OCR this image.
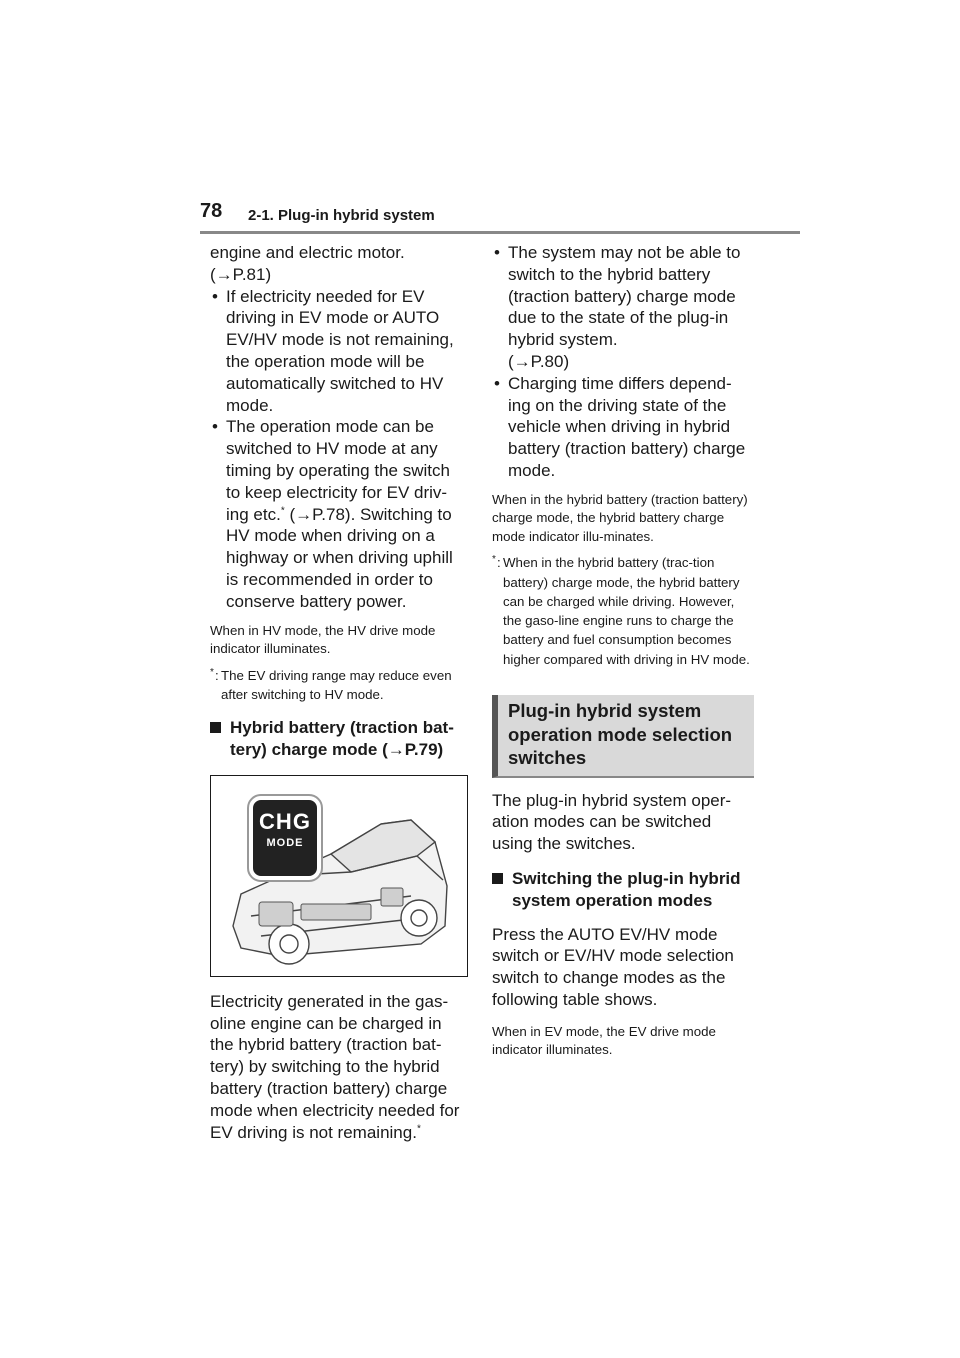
78 2-1. Plug-in hybrid system

engine and electric motor.
(→P.81)

• If electricity needed for EV driving in EV mode or AUTO EV/HV mode is not remaining, the operation mode will be automatically switched to HV mode.
• The operation mode can be switched to HV mode at any timing by operating the switch to keep electricity for EV driv-ing etc.* (→P.78). Switching to HV mode when driving on a highway or when driving uphill is recommended in order to conserve battery power.

When in HV mode, the HV drive mode indicator illuminates.

* : The EV driving range may reduce even after switching to HV mode.

Hybrid battery (traction bat-tery) charge mode (→P.79)
CHG
MODE

Electricity generated in the gas-oline engine can be charged in the hybrid battery (traction bat-tery) by switching to the hybrid battery (traction battery) charge mode when electricity needed for EV driving is not remaining.*

• The system may not be able to switch to the hybrid battery (traction battery) charge mode due to the state of the plug-in hybrid system.
(→P.80)
• Charging time differs depend-ing on the driving state of the vehicle when driving in hybrid battery (traction battery) charge mode.

When in the hybrid battery (traction battery) charge mode, the hybrid battery charge mode indicator illu-minates.

* : When in the hybrid battery (trac-tion battery) charge mode, the hybrid battery can be charged while driving. However, the gaso-line engine runs to charge the battery and fuel consumption becomes higher compared with driving in HV mode.

Plug-in hybrid system operation mode selection switches

The plug-in hybrid system oper-ation modes can be switched using the switches.

Switching the plug-in hybrid system operation modes

Press the AUTO EV/HV mode switch or EV/HV mode selection switch to change modes as the following table shows.

When in EV mode, the EV drive mode indicator illuminates.
